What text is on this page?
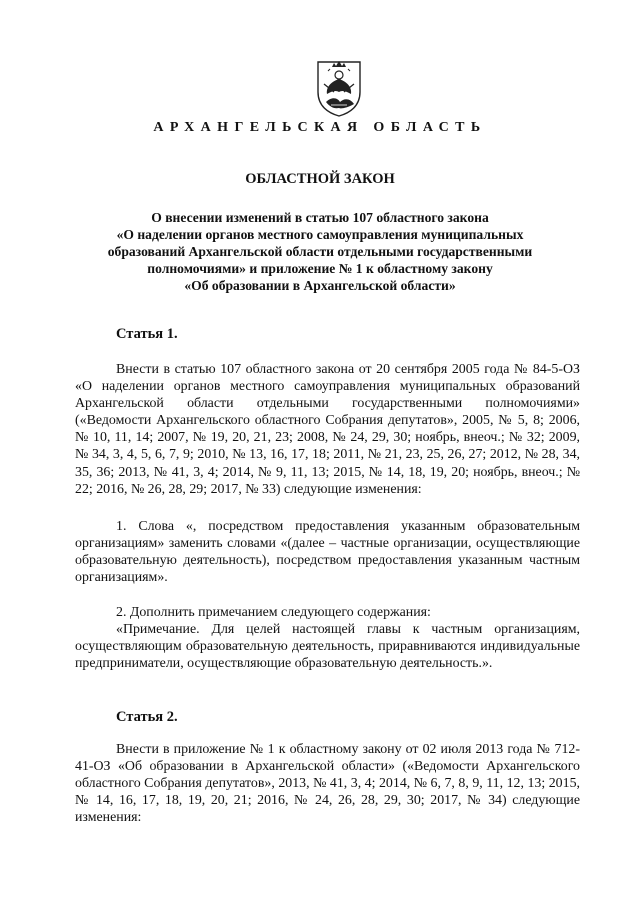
АРХАНГЕЛЬСКАЯ ОБЛАСТЬ
ОБЛАСТНОЙ ЗАКОН
О внесении изменений в статью 107 областного закона
«О наделении органов местного самоуправления муниципальных
образований Архангельской области отдельными государственными
полномочиями» и приложение № 1 к областному закону
«Об образовании в Архангельской области»
Статья 1.

Внести в статью 107 областного закона от 20 сентября 2005 года № 84-5-ОЗ «О наделении органов местного самоуправления муниципальных образований Архангельской области отдельными государственными полномочиями» («Ведомости Архангельского областного Собрания депутатов», 2005, № 5, 8; 2006, № 10, 11, 14; 2007, № 19, 20, 21, 23; 2008, № 24, 29, 30; ноябрь, внеоч.; № 32; 2009, № 34, 3, 4, 5, 6, 7, 9; 2010, № 13, 16, 17, 18; 2011, № 21, 23, 25, 26, 27; 2012, № 28, 34, 35, 36; 2013, № 41, 3, 4; 2014, № 9, 11, 13; 2015, № 14, 18, 19, 20; ноябрь, внеоч.; № 22; 2016, № 26, 28, 29; 2017, № 33) следующие изменения:

1. Слова «, посредством предоставления указанным образовательным организациям» заменить словами «(далее – частные организации, осуществляющие образовательную деятельность), посредством предоставления указанным частным организациям».

2. Дополнить примечанием следующего содержания:

«Примечание. Для целей настоящей главы к частным организациям, осуществляющим образовательную деятельность, приравниваются индивидуальные предприниматели, осуществляющие образовательную деятельность.».

Статья 2.

Внести в приложение № 1 к областному закону от 02 июля 2013 года № 712-41-ОЗ «Об образовании в Архангельской области» («Ведомости Архангельского областного Собрания депутатов», 2013, № 41, 3, 4; 2014, № 6, 7, 8, 9, 11, 12, 13; 2015, № 14, 16, 17, 18, 19, 20, 21; 2016, № 24, 26, 28, 29, 30; 2017, № 34) следующие изменения:
